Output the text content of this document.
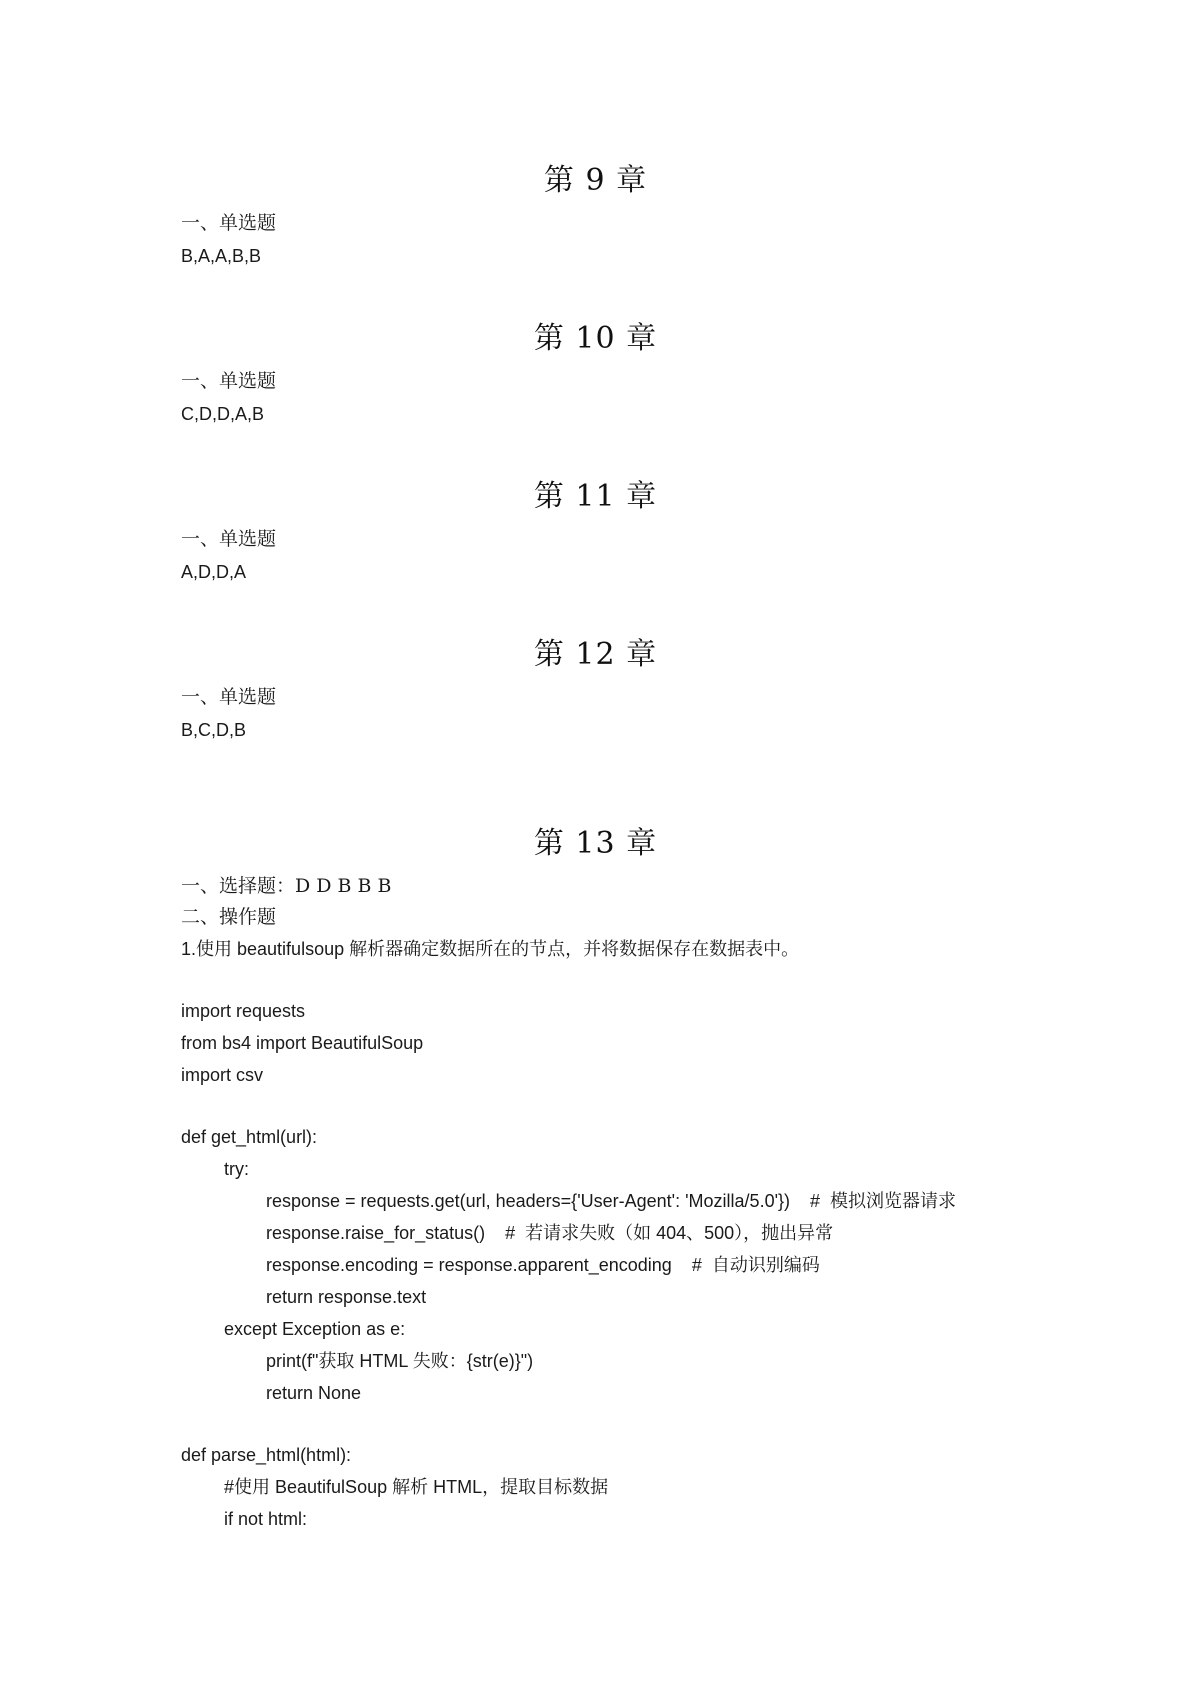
第 9 章
一、单选题
B,A,A,B,B
第 10 章
一、单选题
C,D,D,A,B
第 11 章
一、单选题
A,D,D,A
第 12 章
一、单选题
B,C,D,B
第 13 章
一、选择题：D D B B B
二、操作题
1.使用 beautifulsoup 解析器确定数据所在的节点，并将数据保存在数据表中。
import requests
from bs4 import BeautifulSoup
import csv
def get_html(url):
try:
response = requests.get(url, headers={'User-Agent': 'Mozilla/5.0'})    #  模拟浏览器请求
response.raise_for_status()    #  若请求失败（如 404、500），抛出异常
response.encoding = response.apparent_encoding    #  自动识别编码
return response.text
except Exception as e:
print(f"获取 HTML 失败：{str(e)}")
return None
def parse_html(html):
#使用 BeautifulSoup 解析 HTML，提取目标数据
if not html:
